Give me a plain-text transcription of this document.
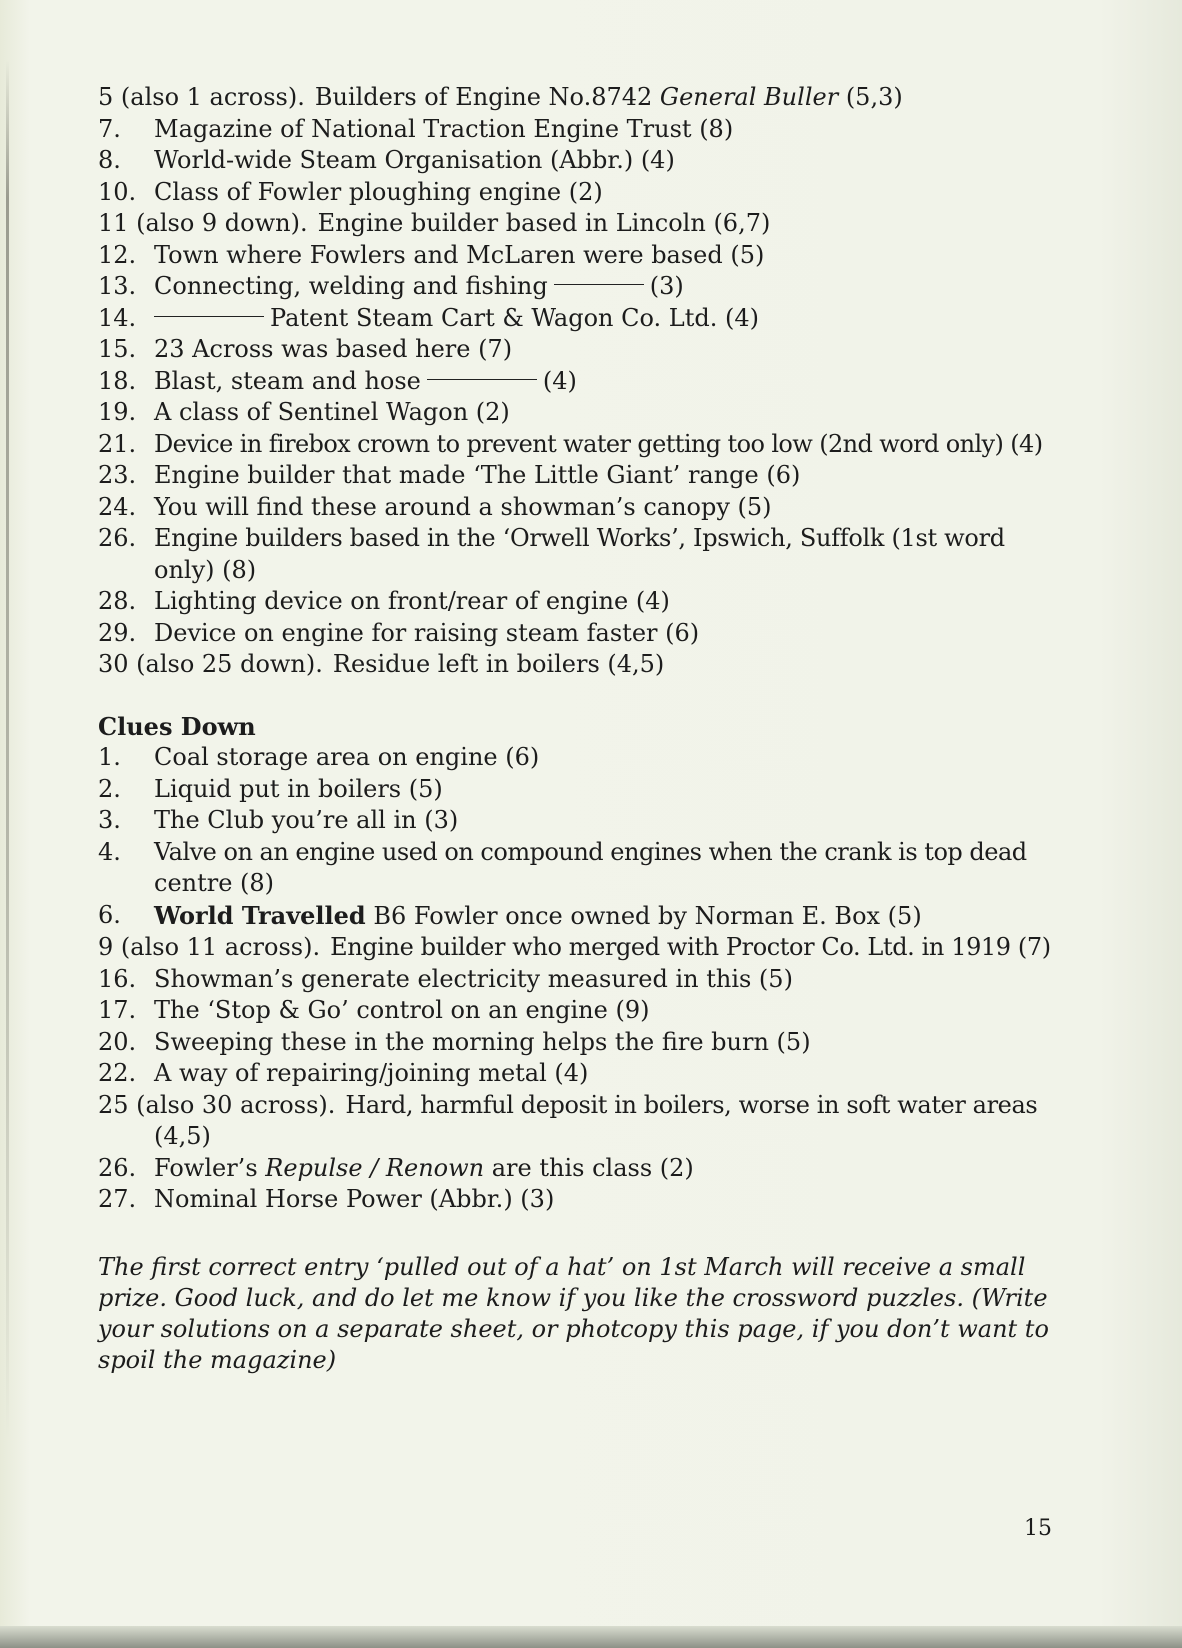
5 (also 1 across). Builders of Engine No.8742 General Buller (5,3)
7.	Magazine of National Traction Engine Trust (8)
8.	World-wide Steam Organisation (Abbr.) (4)
10. Class of Fowler ploughing engine (2)
11 (also 9 down). Engine builder based in Lincoln (6,7)
12. Town where Fowlers and McLaren were based (5)
13. Connecting, welding and fishing	(3)
14.	Patent Steam Cart & Wagon Co. Ltd. (4)
15. 23 Across was based here (7)
18. Blast, steam and hose	(4)
19. A class of Sentinel Wagon (2)
21. Device in firebox crown to prevent water getting too low (2nd word only) (4)
23. Engine builder that made ‘The Little Giant’ range (6)
24. You will find these around a showman’s canopy (5)
26. Engine builders based in the ‘Orwell Works’, Ipswich, Suffolk (1st word
only) (8)
28. Lighting device on front/rear of engine (4)
29. Device on engine for raising steam faster (6)
30 (also 25 down). Residue left in boilers (4,5)
Clues Down
1.	Coal storage area on engine (6)
2.	Liquid put in boilers (5)
3.	The Club you’re all in (3)
4.	Valve on an engine used on compound engines when the crank is top dead
centre (8)
6.	World Travelled B6 Fowler once owned by Norman E. Box (5)
9 (also 11 across). Engine builder who merged with Proctor Co. Ltd. in 1919 (7)
16. Showman’s generate electricity measured in this (5)
17. The ‘Stop & Go’ control on an engine (9)
20. Sweeping these in the morning helps the fire burn (5)
22. A way of repairing/joining metal (4)
25 (also 30 across). Hard, harmful deposit in boilers, worse in soft water areas
(4,5)
26. Fowler’s Repulse / Renown are this class (2)
27. Nominal Horse Power (Abbr.) (3)
The first correct entry ‘pulled out of a hat’ on 1st March will receive a small prize. Good luck, and do let me know if you like the crossword puzzles. (Write your solutions on a separate sheet, or photcopy this page, if you don’t want to spoil the magazine)
15
